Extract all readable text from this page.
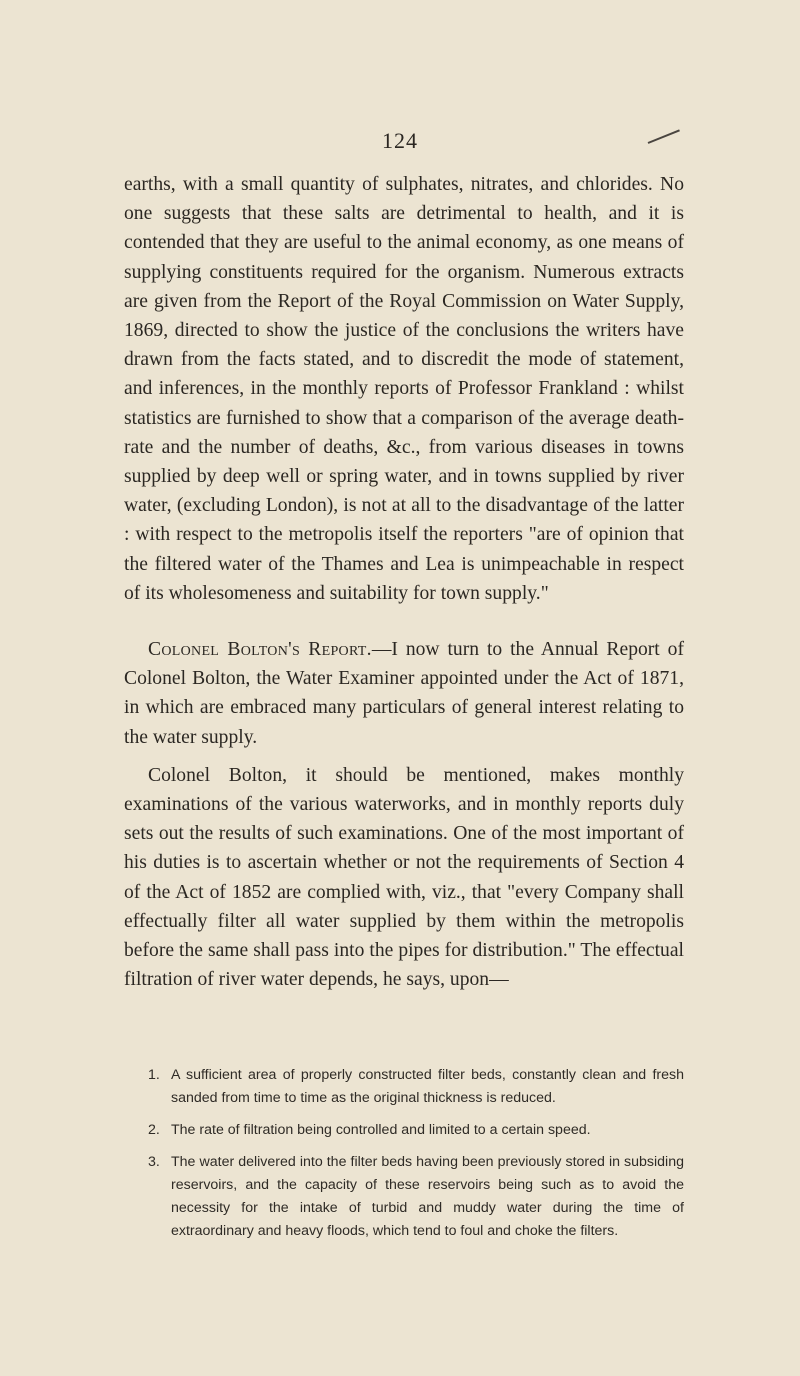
124

earths, with a small quantity of sulphates, nitrates, and chlorides. No one suggests that these salts are detrimental to health, and it is contended that they are useful to the animal economy, as one means of supplying constituents required for the organism. Numerous extracts are given from the Report of the Royal Commission on Water Supply, 1869, directed to show the justice of the conclusions the writers have drawn from the facts stated, and to discredit the mode of statement, and inferences, in the monthly reports of Professor Frankland : whilst statistics are furnished to show that a comparison of the average death-rate and the number of deaths, &c., from various diseases in towns supplied by deep well or spring water, and in towns supplied by river water, (excluding London), is not at all to the disadvantage of the latter : with respect to the metropolis itself the reporters "are of opinion that the filtered water of the Thames and Lea is unimpeachable in respect of its wholesomeness and suitability for town supply."

Colonel Bolton's Report.—I now turn to the Annual Report of Colonel Bolton, the Water Examiner appointed under the Act of 1871, in which are embraced many particulars of general interest relating to the water supply.

Colonel Bolton, it should be mentioned, makes monthly examinations of the various waterworks, and in monthly reports duly sets out the results of such examinations. One of the most important of his duties is to ascertain whether or not the requirements of Section 4 of the Act of 1852 are complied with, viz., that "every Company shall effectually filter all water supplied by them within the metropolis before the same shall pass into the pipes for distribution." The effectual filtration of river water depends, he says, upon—

1. A sufficient area of properly constructed filter beds, constantly clean and fresh sanded from time to time as the original thickness is reduced.
2. The rate of filtration being controlled and limited to a certain speed.
3. The water delivered into the filter beds having been previously stored in subsiding reservoirs, and the capacity of these reservoirs being such as to avoid the necessity for the intake of turbid and muddy water during the time of extraordinary and heavy floods, which tend to foul and choke the filters.
